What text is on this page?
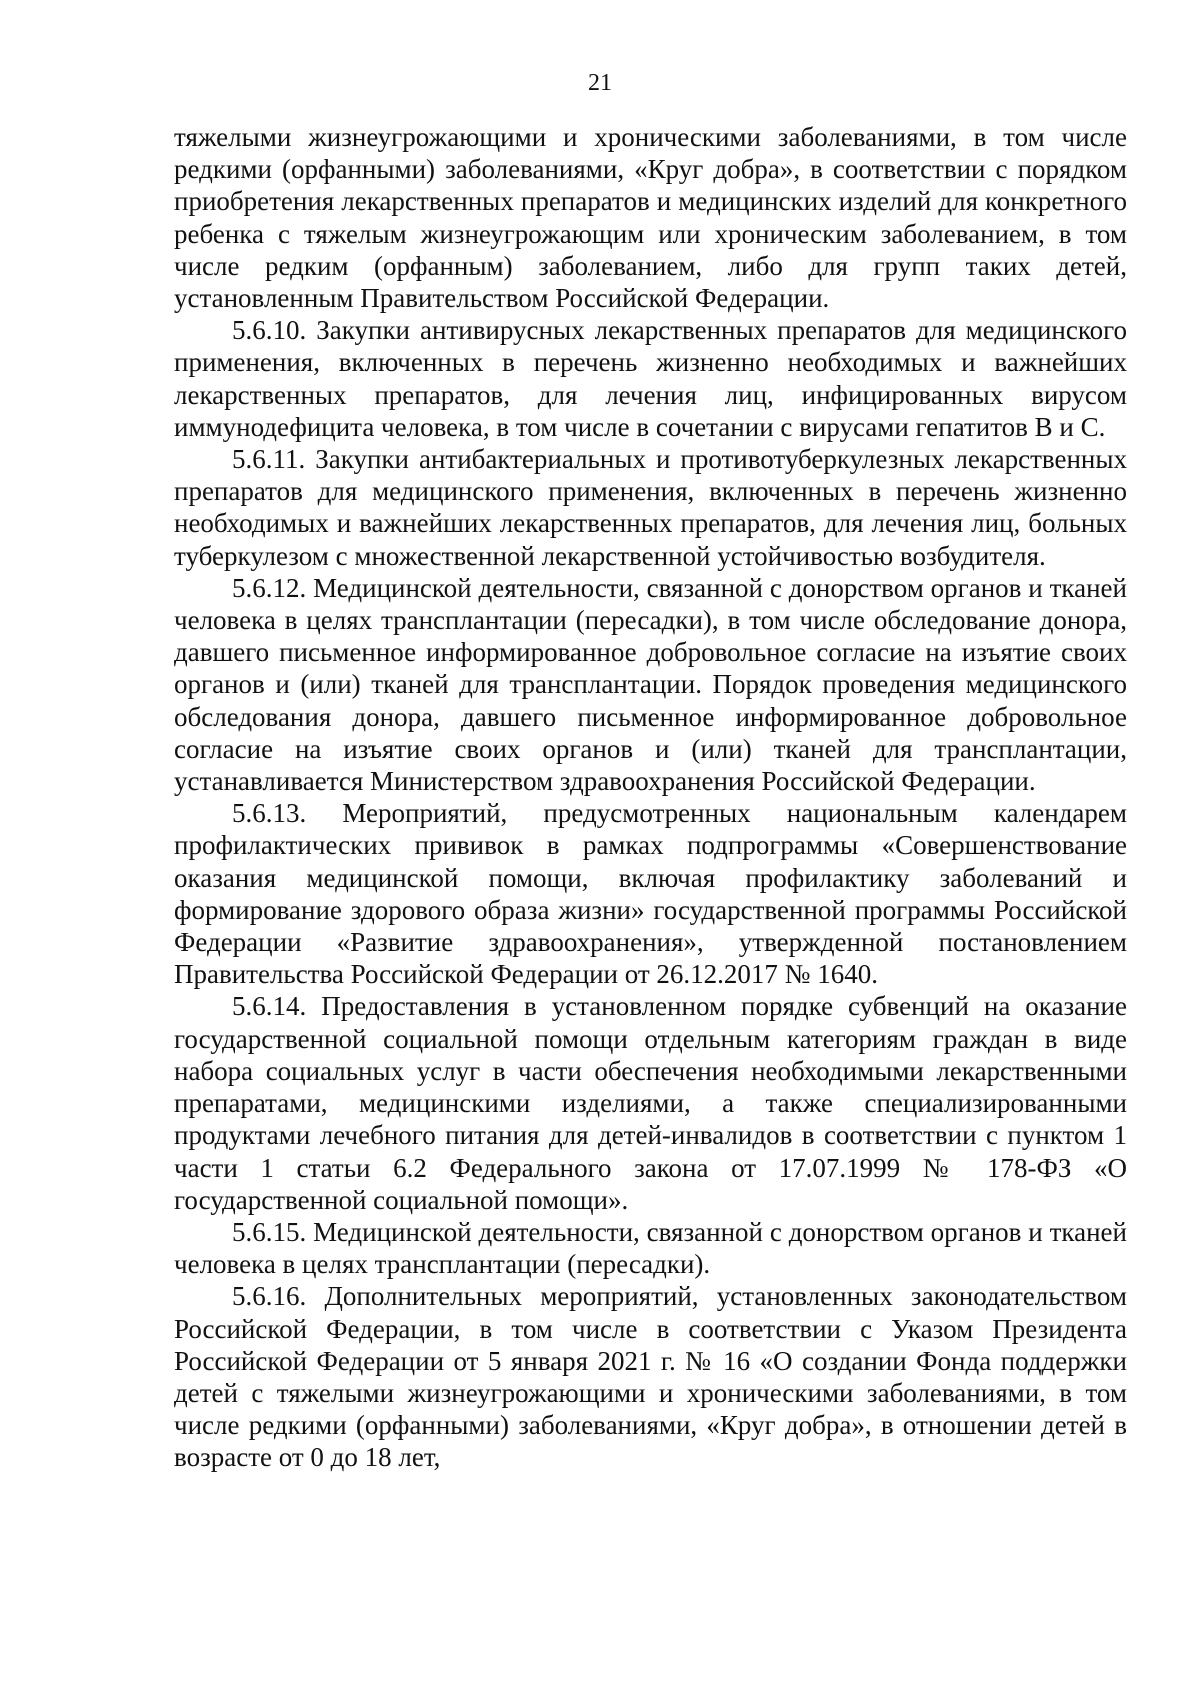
21

тяжелыми жизнеугрожающими и хроническими заболеваниями, в том числе редкими (орфанными) заболеваниями, «Круг добра», в соответствии с порядком приобретения лекарственных препаратов и медицинских изделий для конкретного ребенка с тяжелым жизнеугрожающим или хроническим заболеванием, в том числе редким (орфанным) заболеванием, либо для групп таких детей, установленным Правительством Российской Федерации.

5.6.10. Закупки антивирусных лекарственных препаратов для медицинского применения, включенных в перечень жизненно необходимых и важнейших лекарственных препаратов, для лечения лиц, инфицированных вирусом иммунодефицита человека, в том числе в сочетании с вирусами гепатитов B и C.

5.6.11. Закупки антибактериальных и противотуберкулезных лекарственных препаратов для медицинского применения, включенных в перечень жизненно необходимых и важнейших лекарственных препаратов, для лечения лиц, больных туберкулезом с множественной лекарственной устойчивостью возбудителя.

5.6.12. Медицинской деятельности, связанной с донорством органов и тканей человека в целях трансплантации (пересадки), в том числе обследование донора, давшего письменное информированное добровольное согласие на изъятие своих органов и (или) тканей для трансплантации. Порядок проведения медицинского обследования донора, давшего письменное информированное добровольное согласие на изъятие своих органов и (или) тканей для трансплантации, устанавливается Министерством здравоохранения Российской Федерации.

5.6.13. Мероприятий, предусмотренных национальным календарем профилактических прививок в рамках подпрограммы «Совершенствование оказания медицинской помощи, включая профилактику заболеваний и формирование здорового образа жизни» государственной программы Российской Федерации «Развитие здравоохранения», утвержденной постановлением Правительства Российской Федерации от 26.12.2017 № 1640.

5.6.14. Предоставления в установленном порядке субвенций на оказание государственной социальной помощи отдельным категориям граждан в виде набора социальных услуг в части обеспечения необходимыми лекарственными препаратами, медицинскими изделиями, а также специализированными продуктами лечебного питания для детей-инвалидов в соответствии с пунктом 1 части 1 статьи 6.2 Федерального закона от 17.07.1999 № 178-ФЗ «О государственной социальной помощи».

5.6.15. Медицинской деятельности, связанной с донорством органов и тканей человека в целях трансплантации (пересадки).

5.6.16. Дополнительных мероприятий, установленных законодательством Российской Федерации, в том числе в соответствии с Указом Президента Российской Федерации от 5 января 2021 г. № 16 «О создании Фонда поддержки детей с тяжелыми жизнеугрожающими и хроническими заболеваниями, в том числе редкими (орфанными) заболеваниями, «Круг добра», в отношении детей в возрасте от 0 до 18 лет,
